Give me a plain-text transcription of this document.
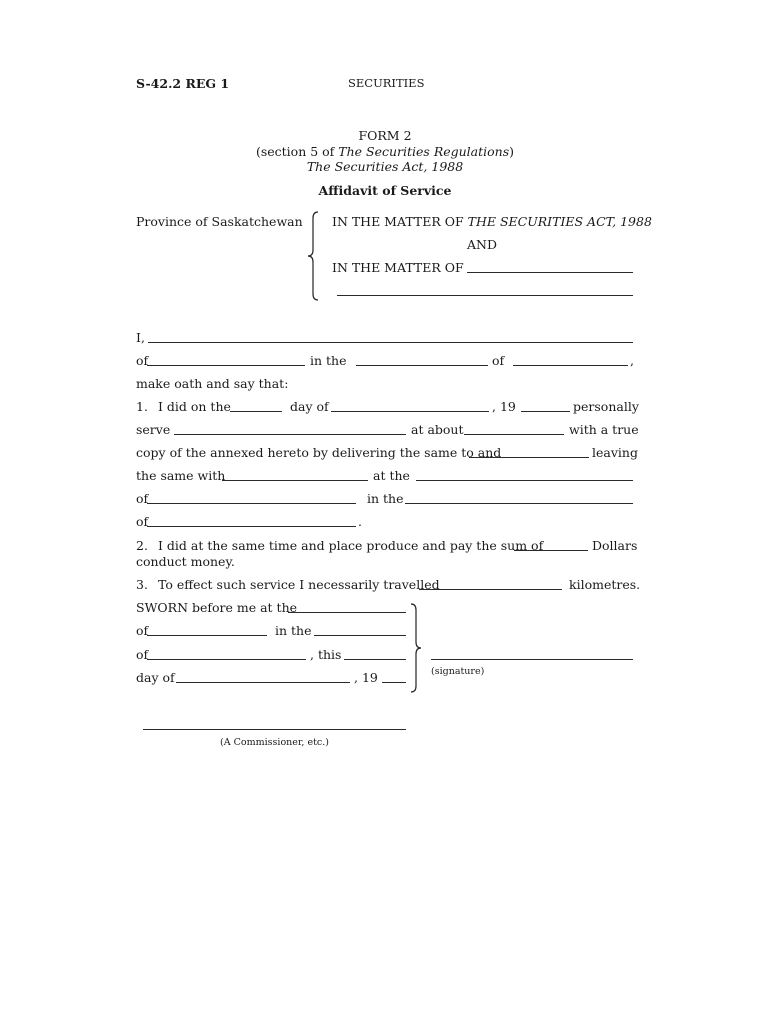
S-42.2 REG 1	SECURITIES
FORM 2
(section 5 of The Securities Regulations)
The Securities Act, 1988
Affidavit of Service
Province of Saskatchewan IN THE MATTER OF THE SECURITIES ACT, 1988
AND
IN THE MATTER OF
I,
of	in the	of	,
make oath and say that:
1. I did on the	day of	, 19	personally
serve	at about	with a true
copy of the annexed hereto by delivering the same to and	leaving
the same with	at the
of	in the
of	.
2. I did at the same time and place produce and pay the sum of	Dollars
conduct money.
3. To effect such service I necessarily travelled	kilometres.
SWORN before me at the
of	in the
of	, this
day of	, 19	(signature)
(A Commissioner, etc.)
